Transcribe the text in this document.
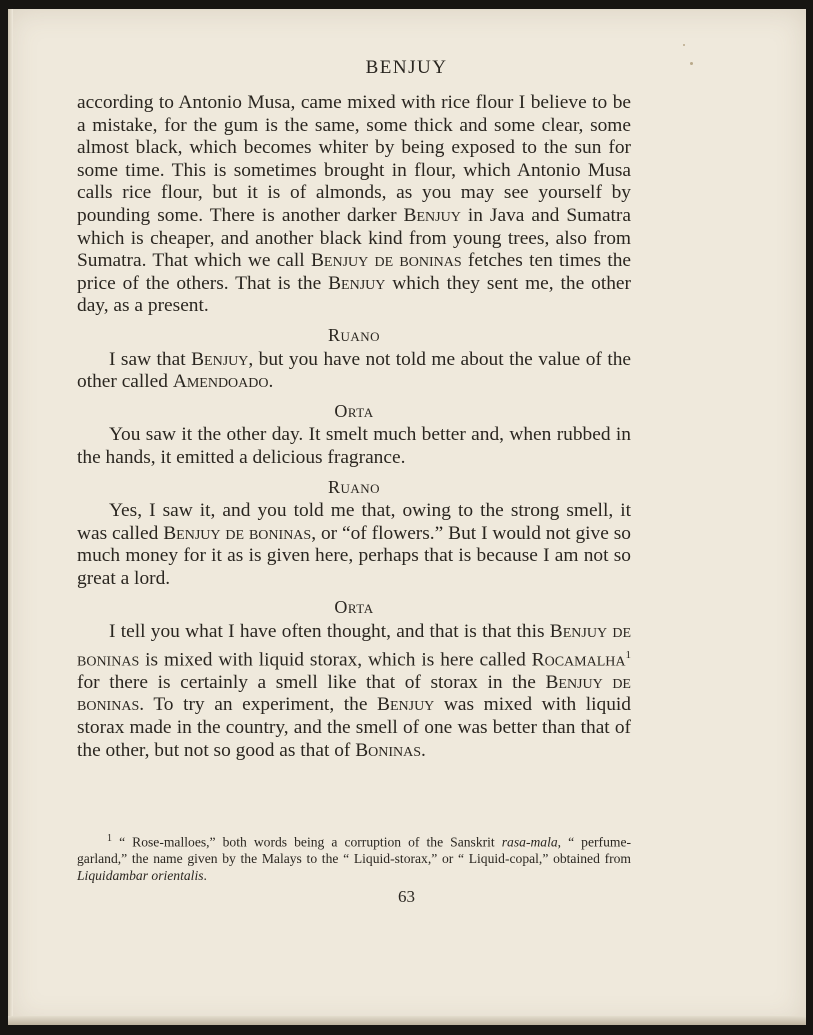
BENJUY

according to Antonio Musa, came mixed with rice flour I believe to be a mistake, for the gum is the same, some thick and some clear, some almost black, which becomes whiter by being exposed to the sun for some time. This is sometimes brought in flour, which Antonio Musa calls rice flour, but it is of almonds, as you may see yourself by pounding some. There is another darker Benjuy in Java and Sumatra which is cheaper, and another black kind from young trees, also from Sumatra. That which we call Benjuy de boninas fetches ten times the price of the others. That is the Benjuy which they sent me, the other day, as a present.

Ruano

I saw that Benjuy, but you have not told me about the value of the other called Amendoado.

Orta

You saw it the other day. It smelt much better and, when rubbed in the hands, it emitted a delicious fragrance.

Ruano

Yes, I saw it, and you told me that, owing to the strong smell, it was called Benjuy de boninas, or “of flowers.” But I would not give so much money for it as is given here, perhaps that is because I am not so great a lord.

Orta

I tell you what I have often thought, and that is that this Benjuy de boninas is mixed with liquid storax, which is here called Rocamalha$^1$ for there is certainly a smell like that of storax in the Benjuy de boninas. To try an experiment, the Benjuy was mixed with liquid storax made in the country, and the smell of one was better than that of the other, but not so good as that of Boninas.

$^1$ “ Rose-malloes,” both words being a corruption of the Sanskrit rasa-mala, “ perfume-garland,” the name given by the Malays to the “ Liquid-storax,” or “ Liquid-copal,” obtained from Liquidambar orientalis.
63
